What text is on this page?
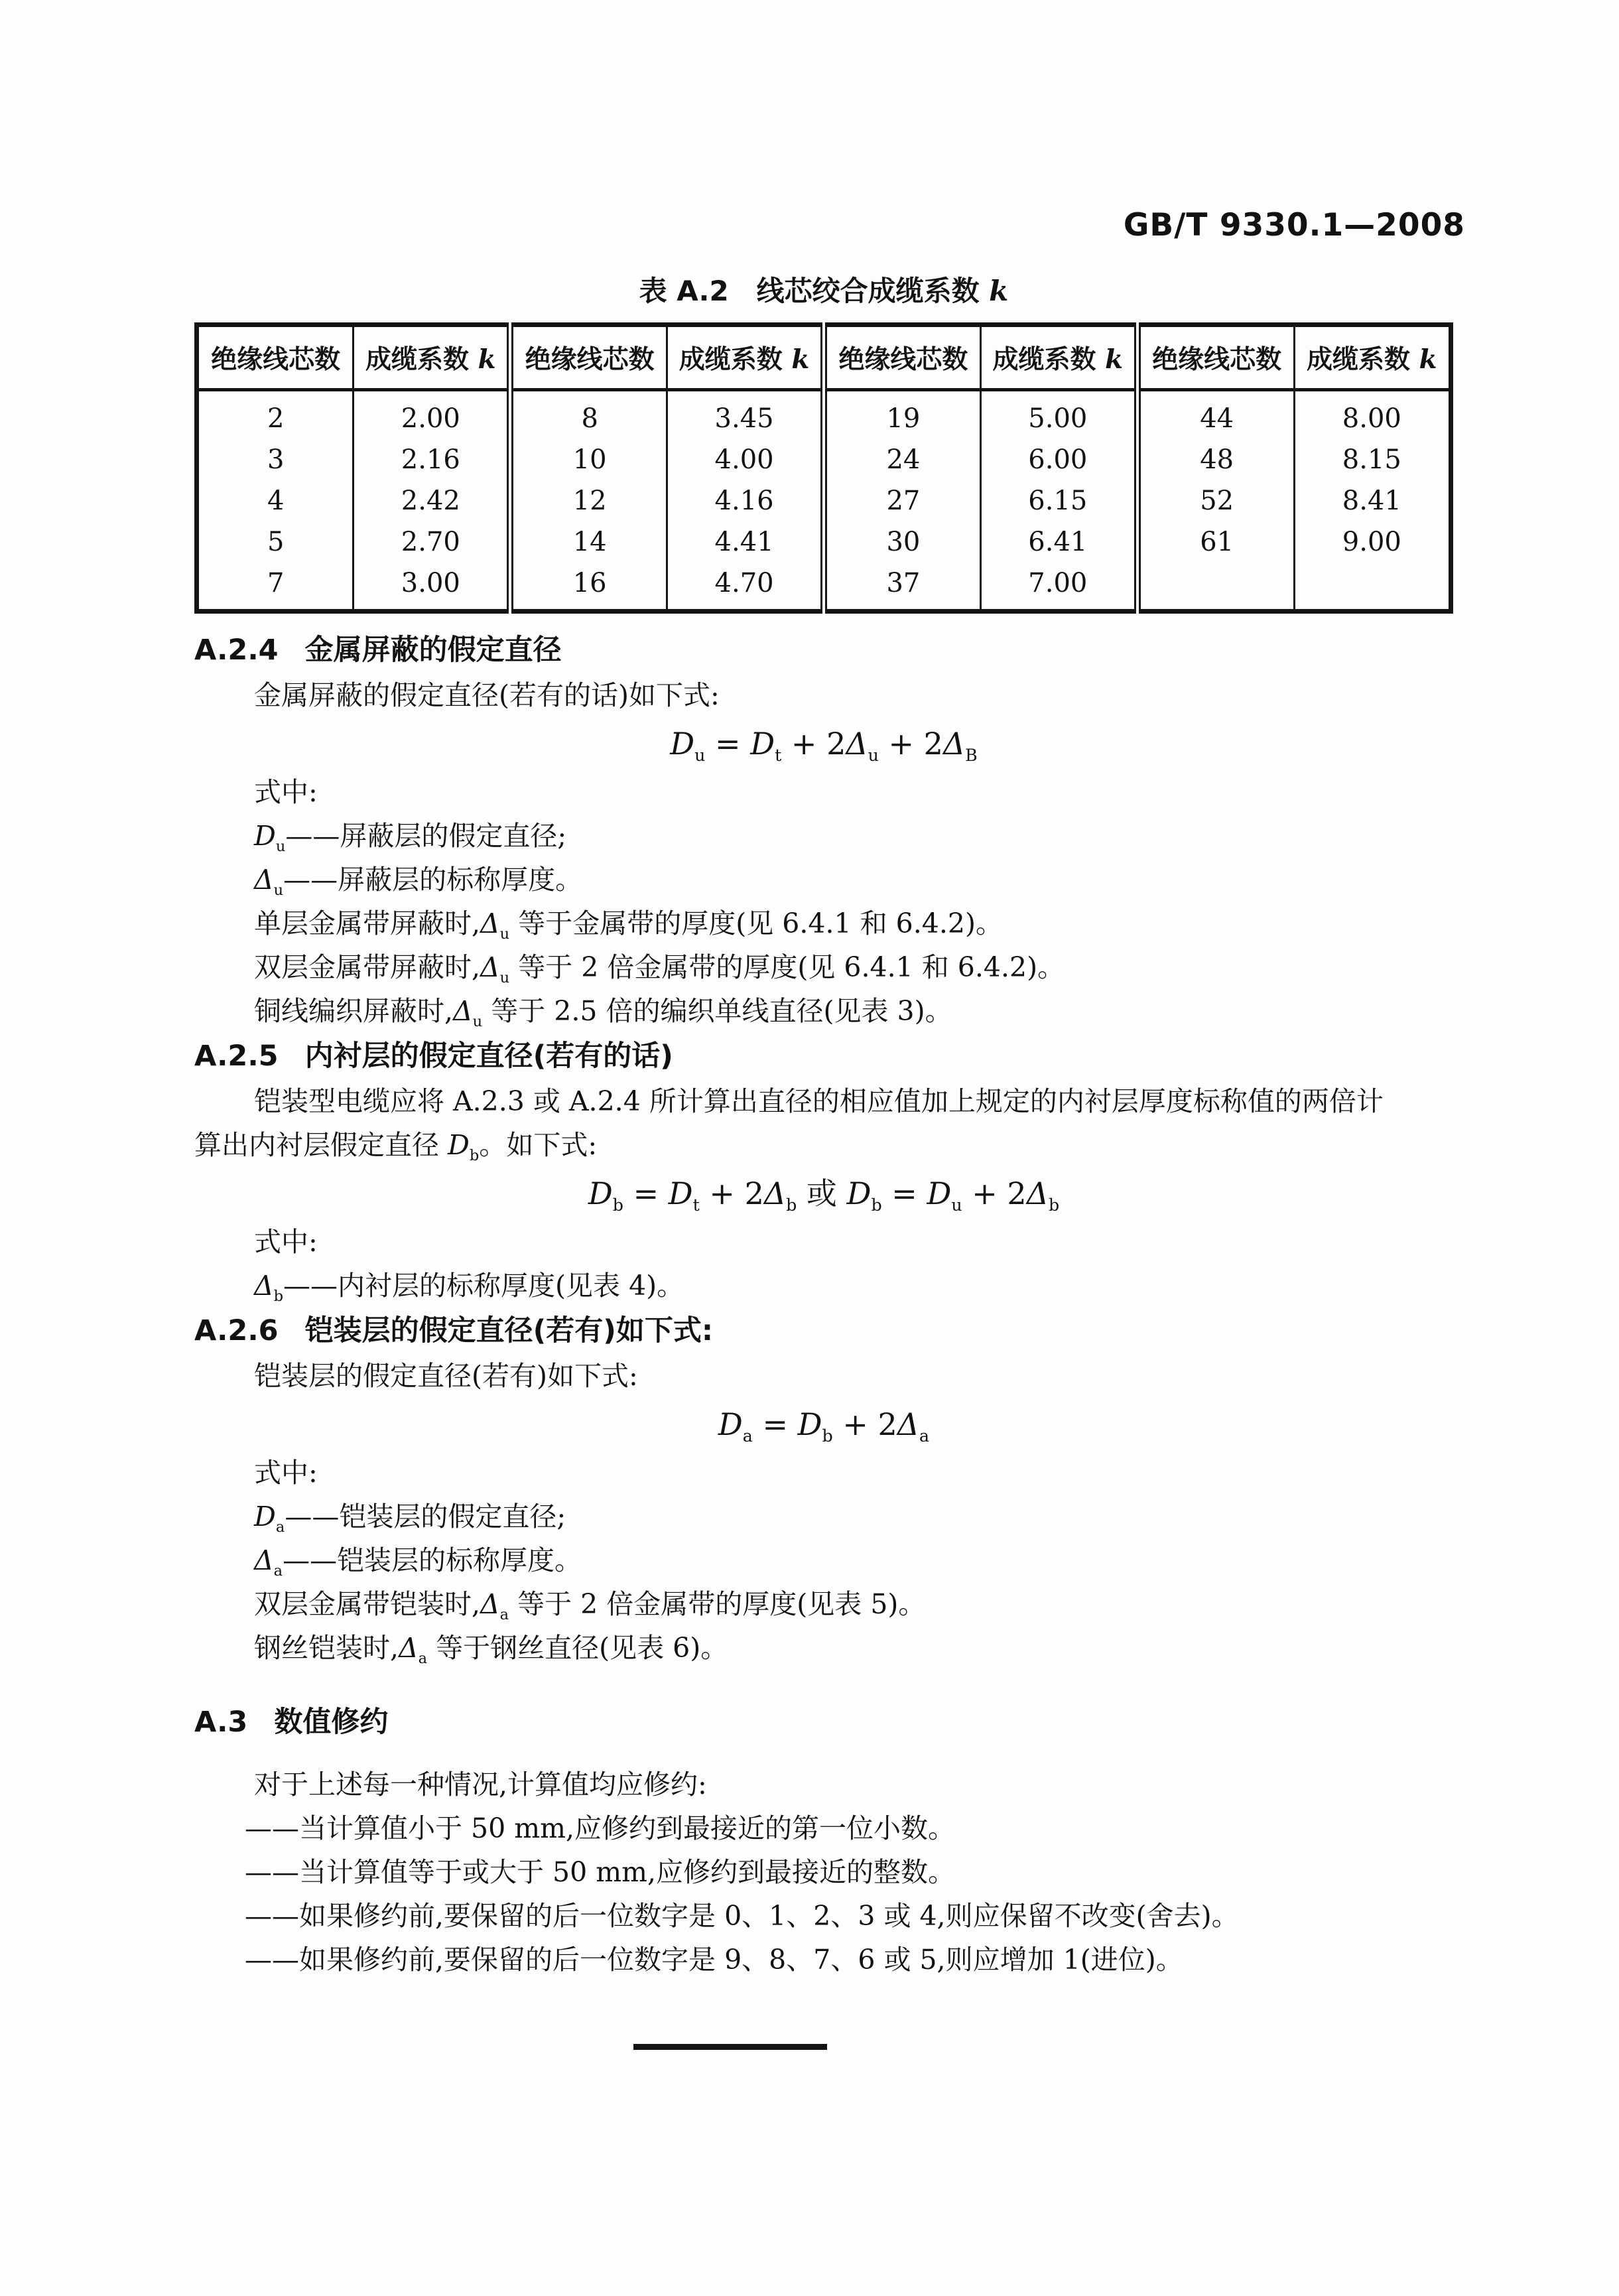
GB/T 9330.1—2008
表 A.2　线芯绞合成缆系数 k
绝缘线芯数	成缆系数 k	绝缘线芯数	成缆系数 k	绝缘线芯数	成缆系数 k	绝缘线芯数	成缆系数 k
2	2.00	8	3.45	19	5.00	44	8.00
3	2.16	10	4.00	24	6.00	48	8.15
4	2.42	12	4.16	27	6.15	52	8.41
5	2.70	14	4.41	30	6.41	61	9.00
7	3.00	16	4.70	37	7.00		
A.2.4 金属屏蔽的假定直径

金属屏蔽的假定直径(若有的话)如下式:

$D_u = D_t + 2\Delta_u + 2\Delta_B$

式中:

$D_u——$屏蔽层的假定直径;

$\Delta_u——$屏蔽层的标称厚度。

单层金属带屏蔽时$,\Delta_u$ 等于金属带的厚度(见 6.4.1 和 6.4.2)。

双层金属带屏蔽时$,\Delta_u$ 等于 2 倍金属带的厚度(见 6.4.1 和 6.4.2)。

铜线编织屏蔽时$,\Delta_u$ 等于 2.5 倍的编织单线直径(见表 3)。

A.2.5 内衬层的假定直径(若有的话)

铠装型电缆应将 A.2.3 或 A.2.4 所计算出直径的相应值加上规定的内衬层厚度标称值的两倍计

算出内衬层假定直径 $D_b$。如下式:

$D_b = D_t + 2\Delta_b$ 或 $D_b = D_u + 2\Delta_b$

式中:

$\Delta_b——$内衬层的标称厚度(见表 4)。

A.2.6 铠装层的假定直径(若有)如下式:

铠装层的假定直径(若有)如下式:

$D_a = D_b + 2\Delta_a$

式中:

$D_a——$铠装层的假定直径;

$\Delta_a——$铠装层的标称厚度。

双层金属带铠装时$,\Delta_a$ 等于 2 倍金属带的厚度(见表 5)。

钢丝铠装时$,\Delta_a$ 等于钢丝直径(见表 6)。

A.3 数值修约

对于上述每一种情况,计算值均应修约:

——当计算值小于 50 mm,应修约到最接近的第一位小数。

——当计算值等于或大于 50 mm,应修约到最接近的整数。

——如果修约前,要保留的后一位数字是 0、1、2、3 或 4,则应保留不改变(舍去)。

——如果修约前,要保留的后一位数字是 9、8、7、6 或 5,则应增加 1(进位)。
